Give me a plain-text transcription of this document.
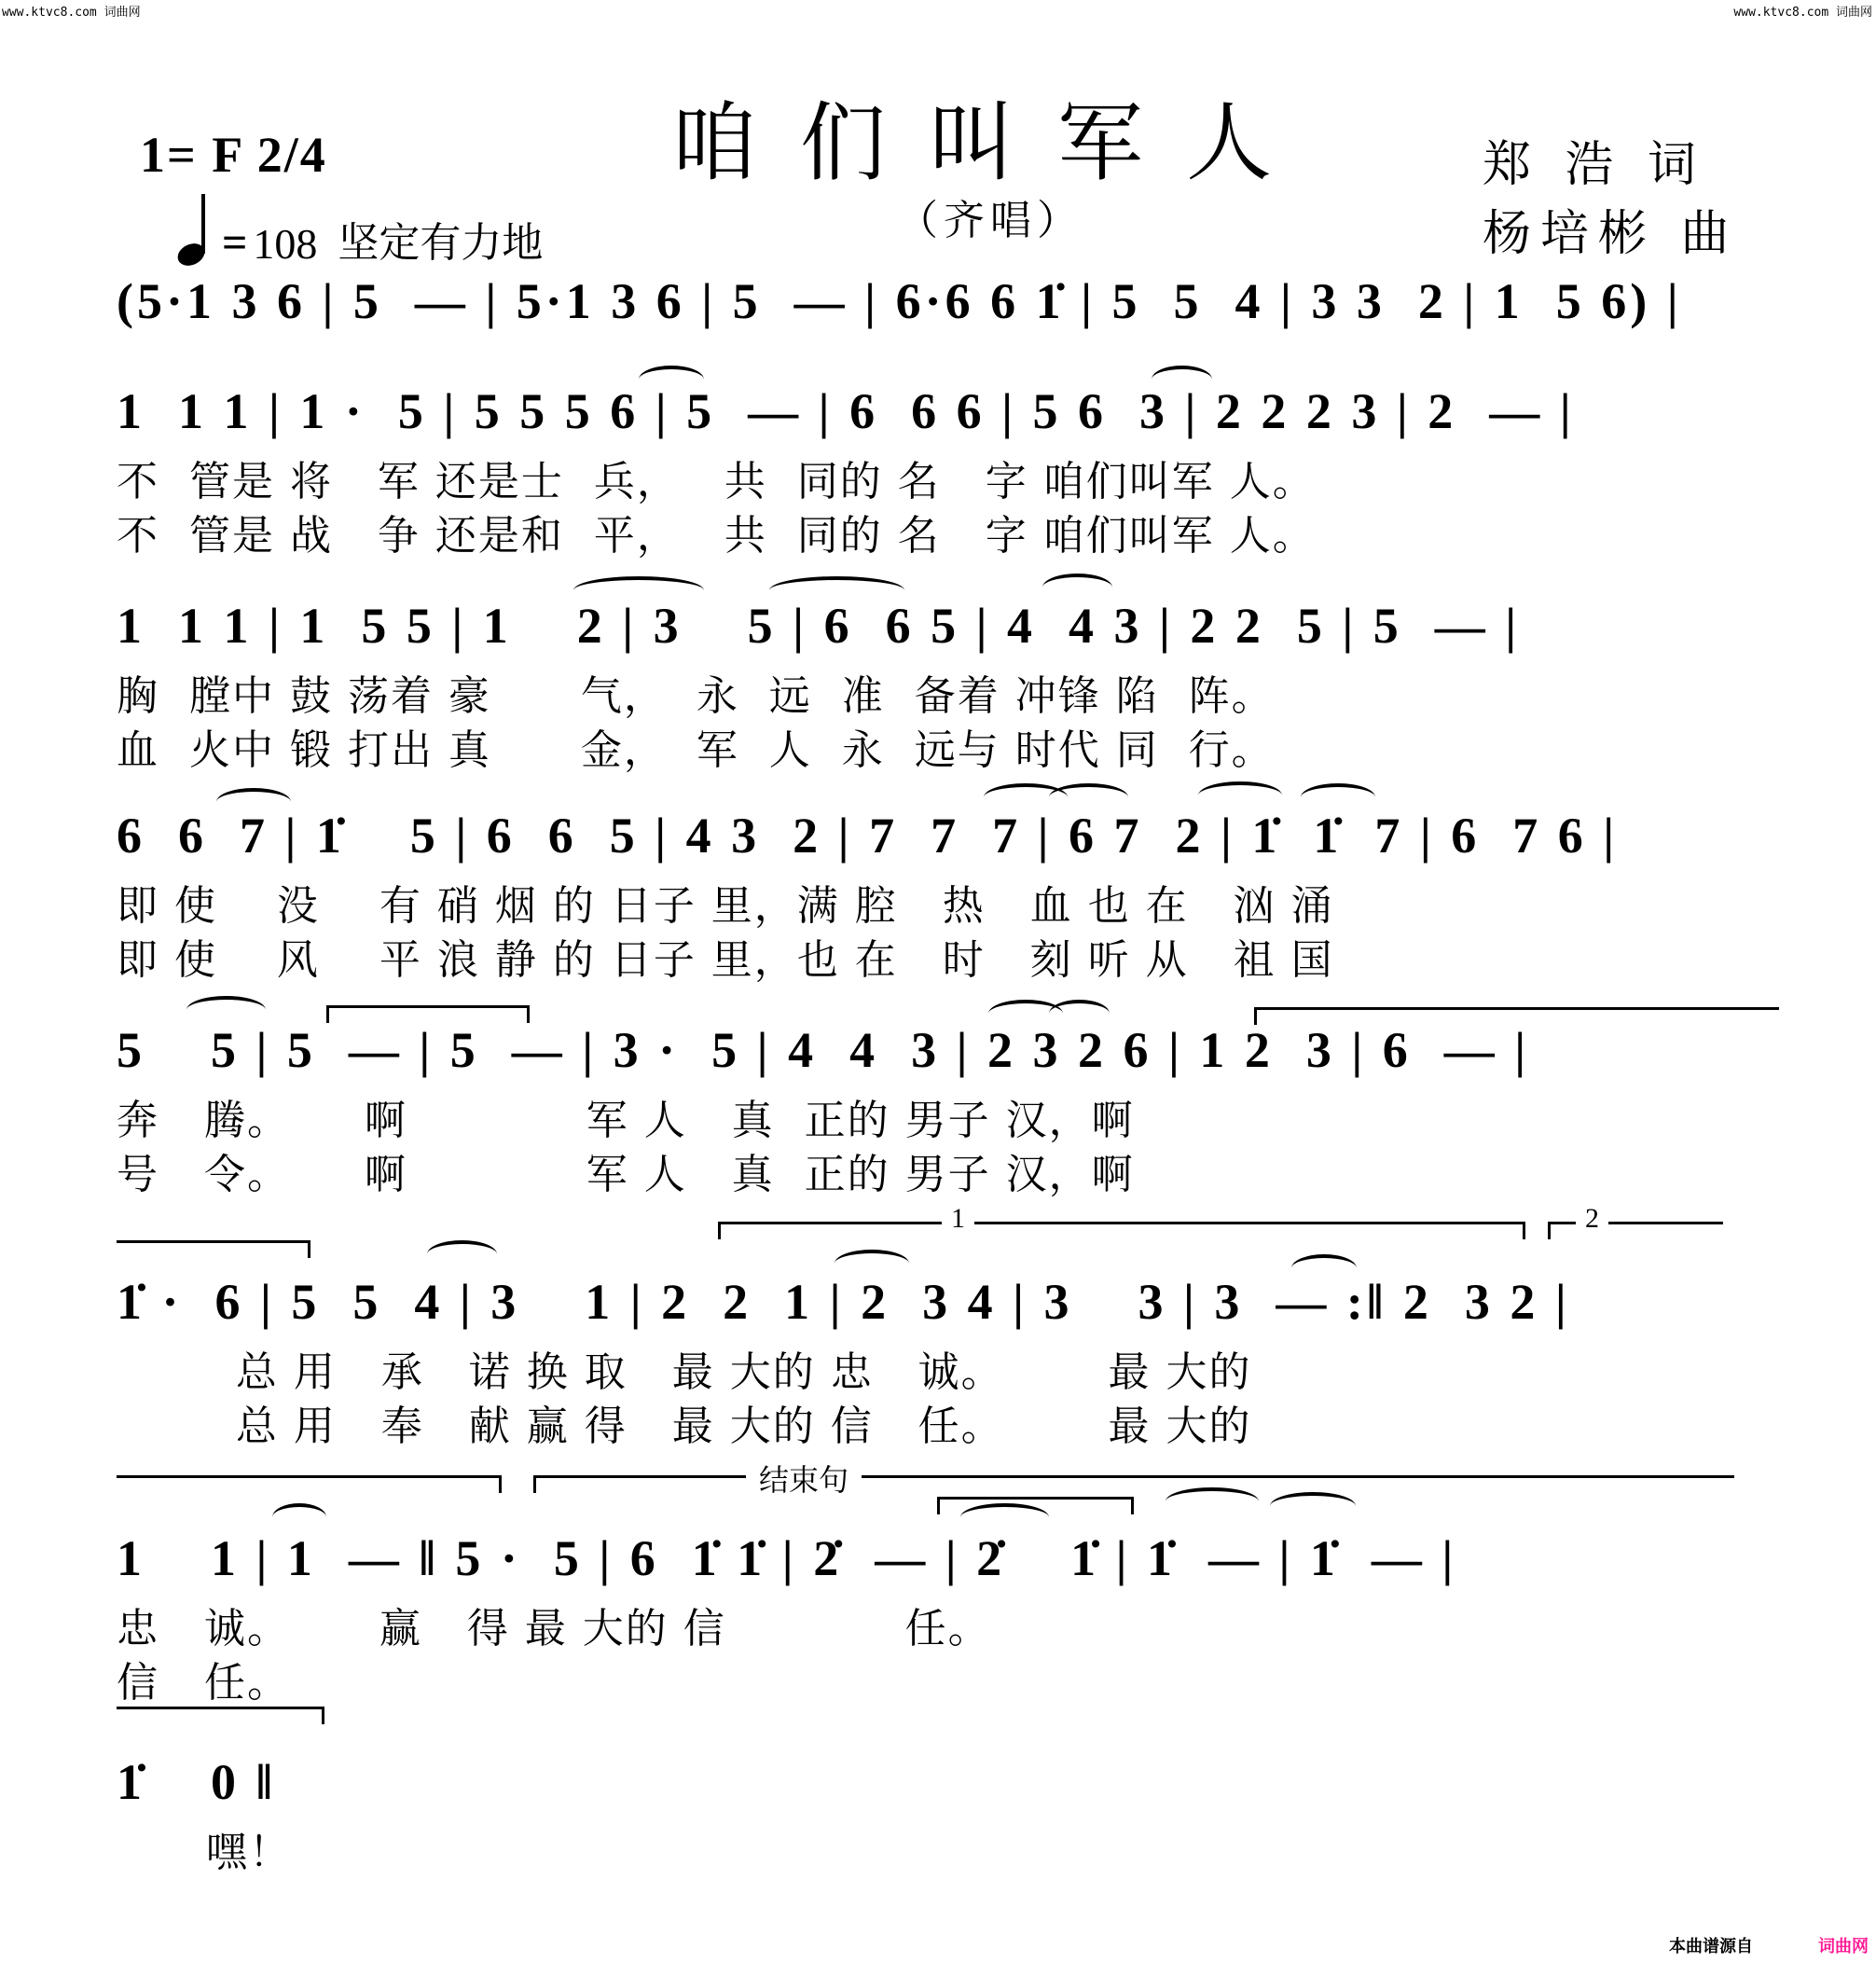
www.ktvc8.com 词曲网	www.ktvc8.com 词曲网
咱们叫军人
（齐唱）
1= F 2/4
= 108 坚定有力地
郑 浩 词
杨培彬 曲
(5·1 3 6 | 5  — | 5·1 3 6 | 5  — | 6·6 6 1̇ | 5  5  4 | 3 3  2 | 1  5 6) |
1  1 1 | 1 ·  5 | 5 5 5 6 | 5  — | 6  6 6 | 5 6  3 | 2 2 2 3 | 2  — |
不  管是 将   军 还是士  兵，   共  同的 名   字 咱们叫军 人。
不  管是 战   争 还是和  平，   共  同的 名   字 咱们叫军 人。
1  1 1 | 1  5 5 | 1    2 | 3    5 | 6  6 5 | 4  4 3 | 2 2  5 | 5  — |
胸  膛中 鼓 荡着 豪      气，  永  远  准  备着 冲锋 陷  阵。
血  火中 锻 打出 真      金，  军  人  永  远与 时代 同  行。
6  6  7 | 1̇    5 | 6  6  5 | 4 3  2 | 7  7  7 | 6 7  2 | 1̇  1̇  7 | 6  7 6 |
即 使    没    有 硝 烟 的 日子 里，满 腔   热   血 也 在   汹 涌
即 使    风    平 浪 静 的 日子 里，也 在   时   刻 听 从   祖 国
5    5 | 5  — | 5  — | 3 ·  5 | 4  4  3 | 2 3 2 6 | 1 2  3 | 6  — |
奔   腾。     啊            军 人   真  正的 男子 汉，啊
号   令。     啊            军 人   真  正的 男子 汉，啊
1	2
1̇ ·  6 | 5  5  4 | 3    1 | 2  2  1 | 2  3 4 | 3    3 | 3  — :‖ 2  3 2 |
总 用   承   诺 换 取   最 大的 忠   诚。       最 大的
总 用   奉   献 赢 得   最 大的 信   任。       最 大的
结束句
1    1 | 1  — ‖ 5 ·  5 | 6  1̇ 1̇ | 2̇  — | 2̇    1̇ | 1̇  — | 1̇  — |
忠   诚。      赢   得 最 大的 信            任。
信   任。
1̇    0 ‖
嘿！
本曲谱源自	词曲网
